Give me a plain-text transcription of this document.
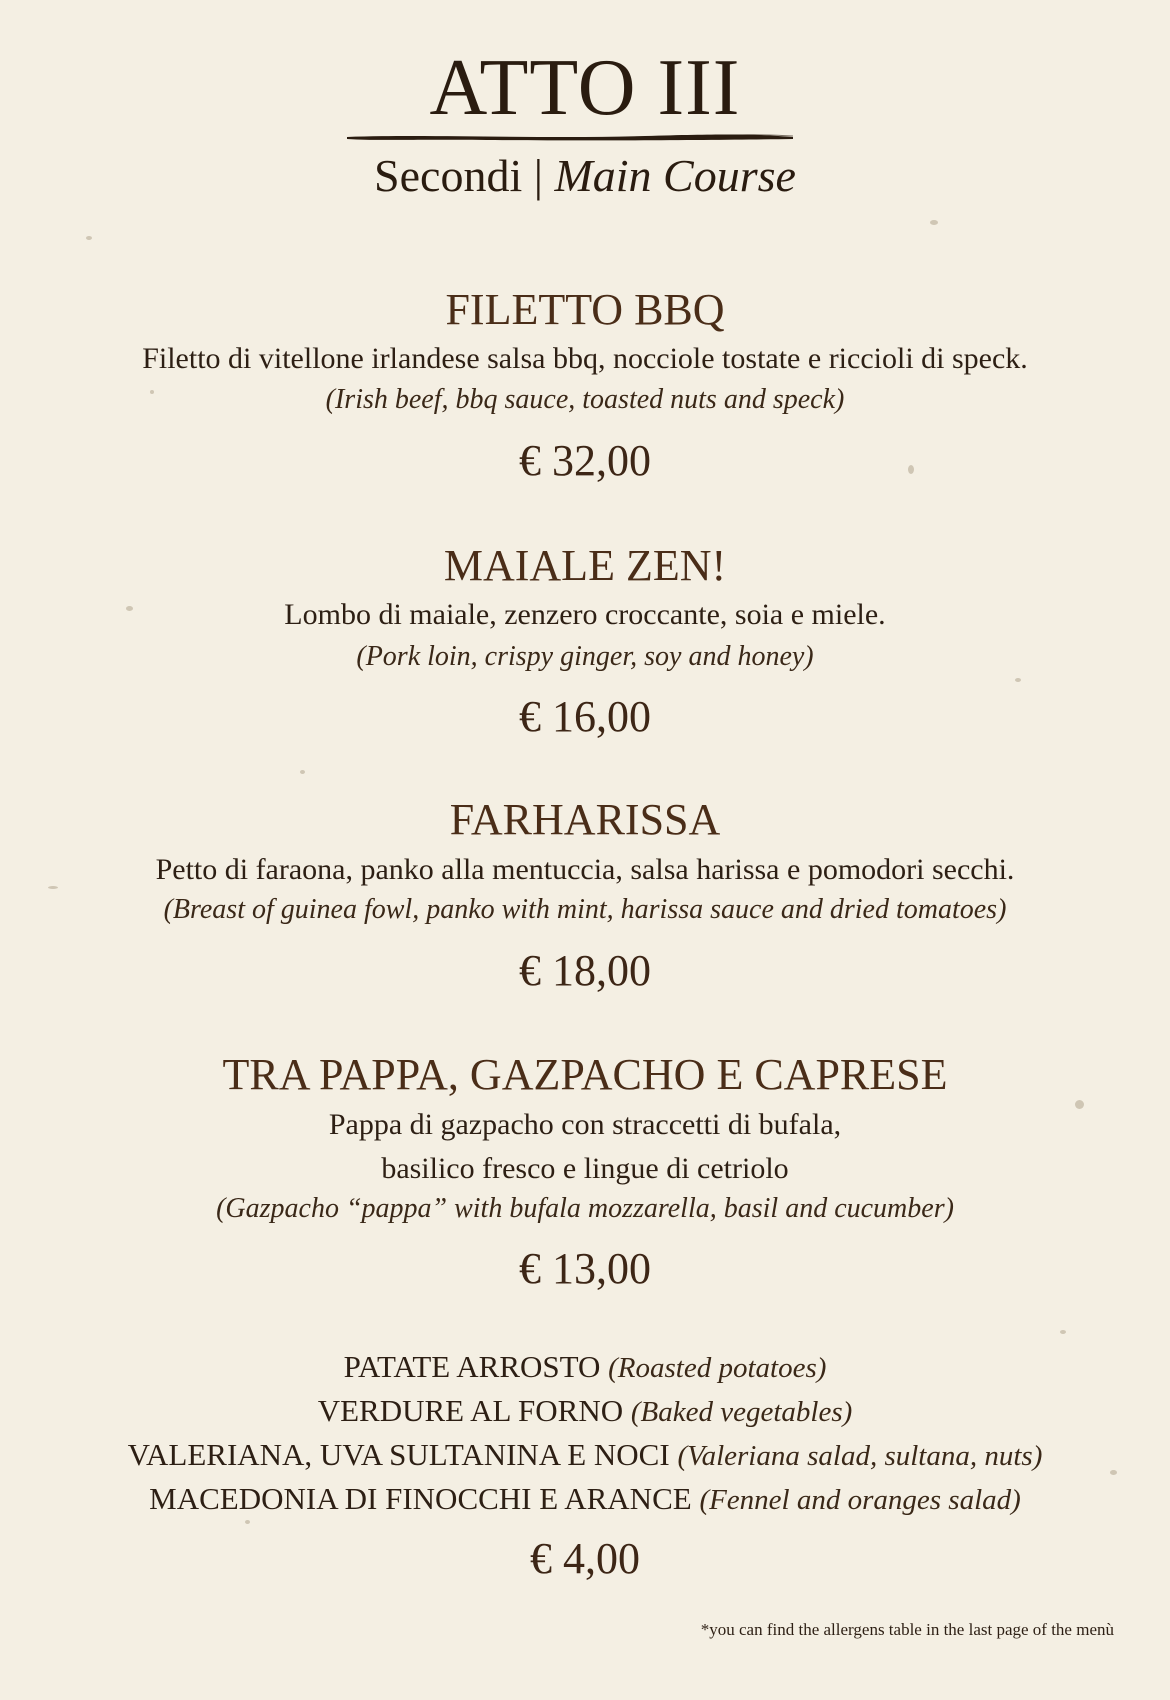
ATTO III
Secondi | Main Course
FILETTO BBQ
Filetto di vitellone irlandese salsa bbq, nocciole tostate e riccioli di speck.
(Irish beef, bbq sauce, toasted nuts and speck)
€ 32,00
MAIALE ZEN!
Lombo di maiale, zenzero croccante, soia e miele.
(Pork loin, crispy ginger, soy and honey)
€ 16,00
FARHARISSA
Petto di faraona, panko alla mentuccia, salsa harissa e pomodori secchi.
(Breast of guinea fowl, panko with mint, harissa sauce and dried tomatoes)
€ 18,00
TRA PAPPA, GAZPACHO E CAPRESE
Pappa di gazpacho con straccetti di bufala,
basilico fresco e lingue di cetriolo
(Gazpacho “pappa” with bufala mozzarella, basil and cucumber)
€ 13,00
PATATE ARROSTO (Roasted potatoes)
VERDURE AL FORNO (Baked vegetables)
VALERIANA, UVA SULTANINA E NOCI (Valeriana salad, sultana, nuts)
MACEDONIA DI FINOCCHI E ARANCE (Fennel and oranges salad)
€ 4,00
*you can find the allergens table in the last page of the menù
